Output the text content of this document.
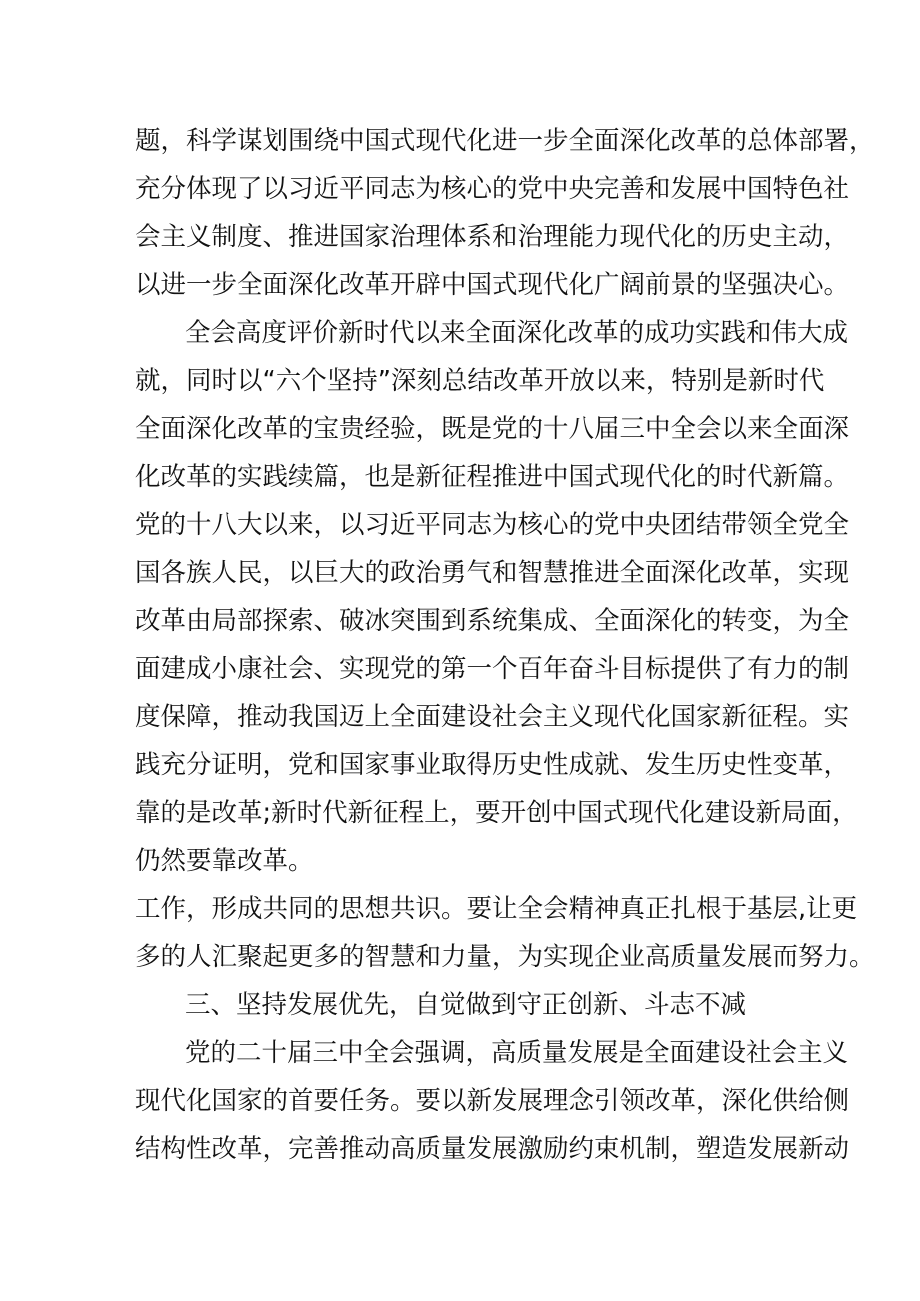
题，科学谋划围绕中国式现代化进一步全面深化改革的总体部署，

充分体现了以习近平同志为核心的党中央完善和发展中国特色社

会主义制度、推进国家治理体系和治理能力现代化的历史主动，

以进一步全面深化改革开辟中国式现代化广阔前景的坚强决心。

全会高度评价新时代以来全面深化改革的成功实践和伟大成

就，同时以“六个坚持”深刻总结改革开放以来，特别是新时代

全面深化改革的宝贵经验，既是党的十八届三中全会以来全面深

化改革的实践续篇，也是新征程推进中国式现代化的时代新篇。

党的十八大以来，以习近平同志为核心的党中央团结带领全党全

国各族人民，以巨大的政治勇气和智慧推进全面深化改革，实现

改革由局部探索、破冰突围到系统集成、全面深化的转变，为全

面建成小康社会、实现党的第一个百年奋斗目标提供了有力的制

度保障，推动我国迈上全面建设社会主义现代化国家新征程。实

践充分证明，党和国家事业取得历史性成就、发生历史性变革，

靠的是改革;新时代新征程上，要开创中国式现代化建设新局面，

仍然要靠改革。

工作，形成共同的思想共识。要让全会精神真正扎根于基层,让更

多的人汇聚起更多的智慧和力量，为实现企业高质量发展而努力。

三、坚持发展优先，自觉做到守正创新、斗志不减

党的二十届三中全会强调，高质量发展是全面建设社会主义

现代化国家的首要任务。要以新发展理念引领改革，深化供给侧

结构性改革，完善推动高质量发展激励约束机制，塑造发展新动
